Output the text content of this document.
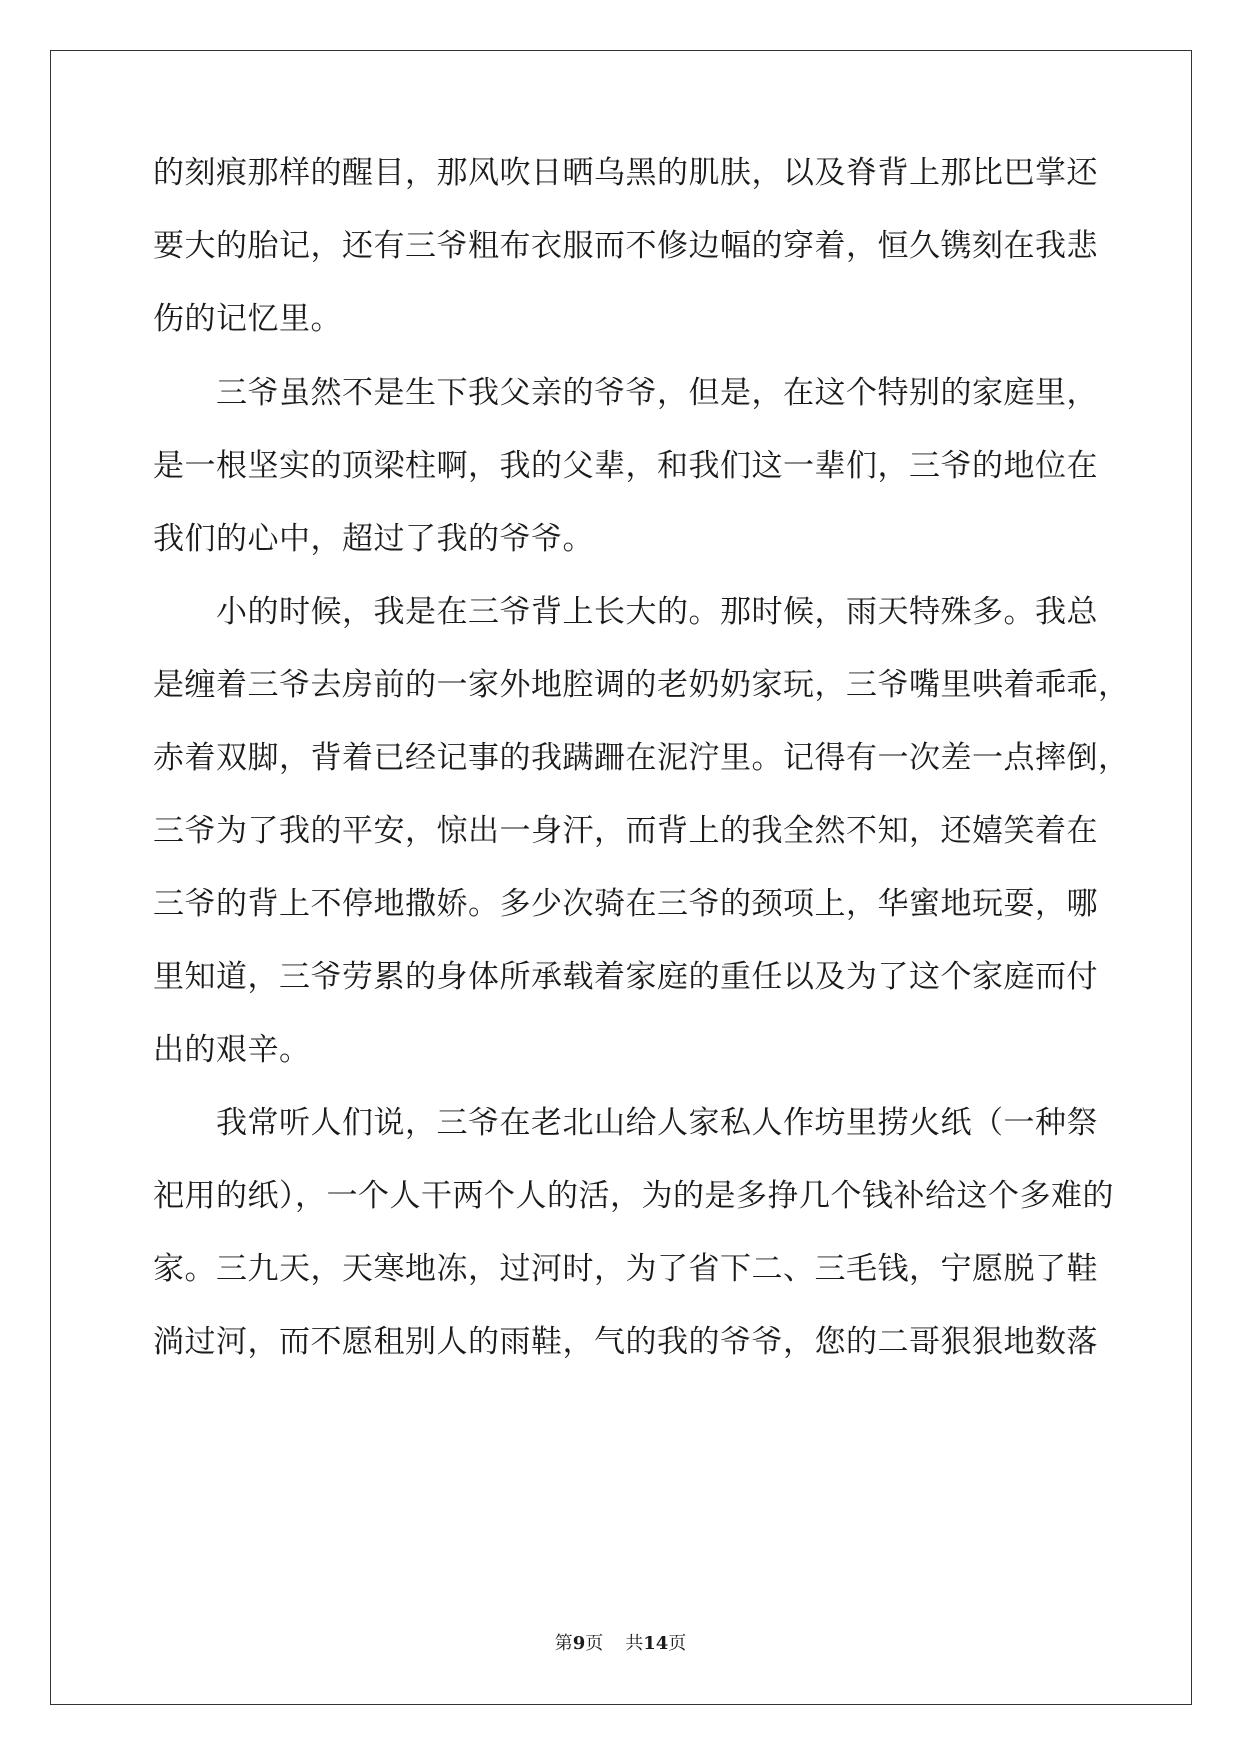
的刻痕那样的醒目，那风吹日晒乌黑的肌肤，以及脊背上那比巴掌还
要大的胎记，还有三爷粗布衣服而不修边幅的穿着，恒久镌刻在我悲
伤的记忆里。
　　三爷虽然不是生下我父亲的爷爷，但是，在这个特别的家庭里，
是一根坚实的顶梁柱啊，我的父辈，和我们这一辈们，三爷的地位在
我们的心中，超过了我的爷爷。
　　小的时候，我是在三爷背上长大的。那时候，雨天特殊多。我总
是缠着三爷去房前的一家外地腔调的老奶奶家玩，三爷嘴里哄着乖乖，
赤着双脚，背着已经记事的我蹒跚在泥泞里。记得有一次差一点摔倒，
三爷为了我的平安，惊出一身汗，而背上的我全然不知，还嬉笑着在
三爷的背上不停地撒娇。多少次骑在三爷的颈项上，华蜜地玩耍，哪
里知道，三爷劳累的身体所承载着家庭的重任以及为了这个家庭而付
出的艰辛。
　　我常听人们说，三爷在老北山给人家私人作坊里捞火纸（一种祭
祀用的纸），一个人干两个人的活，为的是多挣几个钱补给这个多难的
家。三九天，天寒地冻，过河时，为了省下二、三毛钱，宁愿脱了鞋
淌过河，而不愿租别人的雨鞋，气的我的爷爷，您的二哥狠狠地数落
第9页 共14页
